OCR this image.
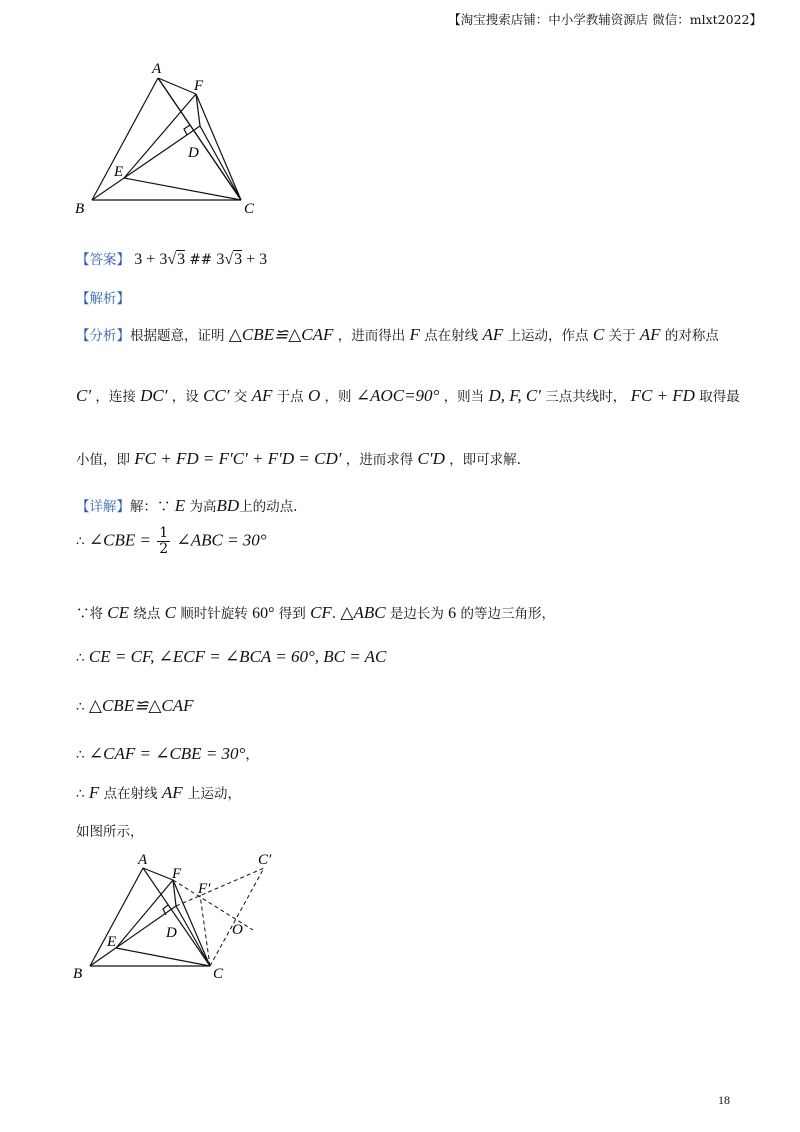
【淘宝搜索店铺：中小学教辅资源店 微信：mlxt2022】
A
F
D
E
B	C
【答案】 3 + 3√3 ## 3√3 + 3
【解析】
【分析】根据题意，证明 △CBE≌△CAF ，进而得出 F 点在射线 AF 上运动，作点 C 关于 AF 的对称点
C′ ，连接 DC′ ，设 CC′ 交 AF 于点 O ，则 ∠AOC=90° ，则当 D, F, C′ 三点共线时， FC + FD 取得最
小值，即 FC + FD = F′C′ + F′D = CD′ ，进而求得 C′D ，即可求解.
【详解】解：∵ E 为高BD上的动点.
∴ ∠CBE = $\frac{1}{2}$ ∠ABC = 30°
∵将 CE 绕点 C 顺时针旋转 60° 得到 CF. △ABC 是边长为 6 的等边三角形，
∴ CE = CF, ∠ECF = ∠BCA = 60°, BC = AC
∴ △CBE≌△CAF
∴ ∠CAF = ∠CBE = 30°，
∴ F 点在射线 AF 上运动，
如图所示，
A
F
F′
C′
D	O
E
B	C
18
